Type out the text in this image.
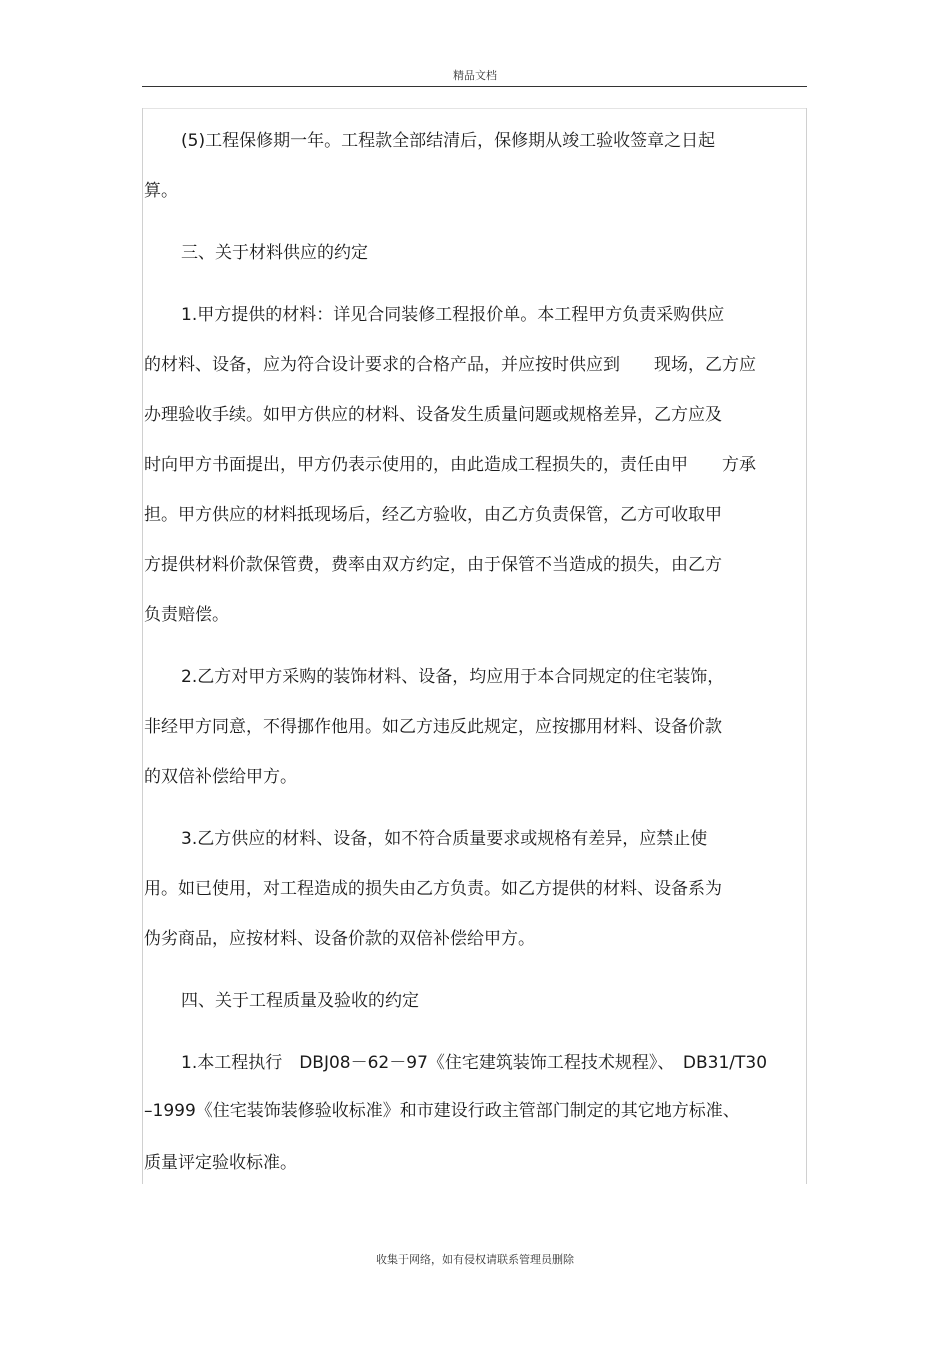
精品文档
(5)工程保修期一年。工程款全部结清后，保修期从竣工验收签章之日起
算。
三、关于材料供应的约定
1.甲方提供的材料：详见合同装修工程报价单。本工程甲方负责采购供应
的材料、设备，应为符合设计要求的合格产品，并应按时供应到　　现场，乙方应
办理验收手续。如甲方供应的材料、设备发生质量问题或规格差异，乙方应及
时向甲方书面提出，甲方仍表示使用的，由此造成工程损失的，责任由甲　　方承
担。甲方供应的材料抵现场后，经乙方验收，由乙方负责保管，乙方可收取甲
方提供材料价款保管费，费率由双方约定，由于保管不当造成的损失，由乙方
负责赔偿。
2.乙方对甲方采购的装饰材料、设备，均应用于本合同规定的住宅装饰，
非经甲方同意，不得挪作他用。如乙方违反此规定，应按挪用材料、设备价款
的双倍补偿给甲方。
3.乙方供应的材料、设备，如不符合质量要求或规格有差异，应禁止使
用。如已使用，对工程造成的损失由乙方负责。如乙方提供的材料、设备系为
伪劣商品，应按材料、设备价款的双倍补偿给甲方。
四、关于工程质量及验收的约定
1.本工程执行　DBJ08－62－97《住宅建筑装饰工程技术规程》、　DB31/T30
–1999《住宅装饰装修验收标准》和市建设行政主管部门制定的其它地方标准、
质量评定验收标准。
收集于网络，如有侵权请联系管理员删除
